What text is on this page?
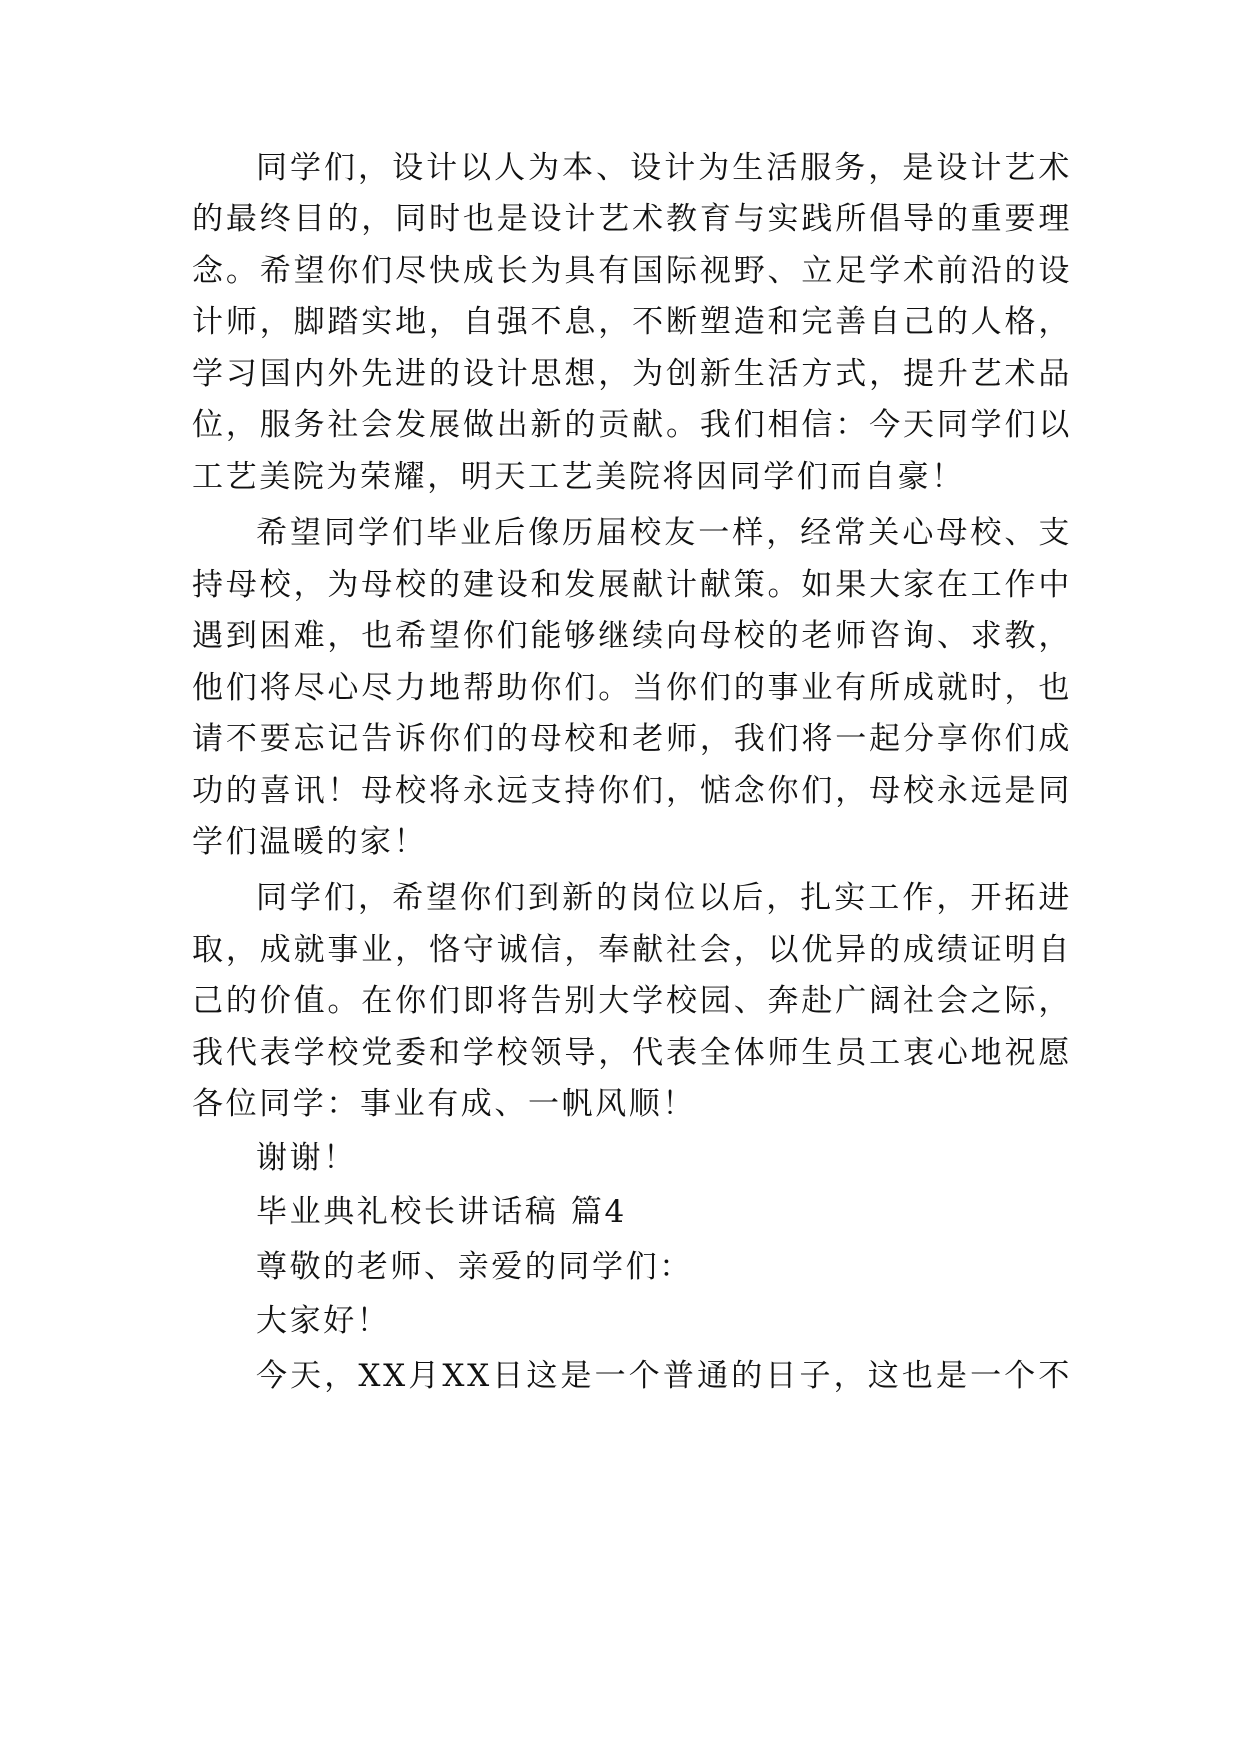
同学们，设计以人为本、设计为生活服务，是设计艺术
的最终目的，同时也是设计艺术教育与实践所倡导的重要理
念。希望你们尽快成长为具有国际视野、立足学术前沿的设
计师，脚踏实地，自强不息，不断塑造和完善自己的人格，
学习国内外先进的设计思想，为创新生活方式，提升艺术品
位，服务社会发展做出新的贡献。我们相信：今天同学们以
工艺美院为荣耀，明天工艺美院将因同学们而自豪！
希望同学们毕业后像历届校友一样，经常关心母校、支
持母校，为母校的建设和发展献计献策。如果大家在工作中
遇到困难，也希望你们能够继续向母校的老师咨询、求教，
他们将尽心尽力地帮助你们。当你们的事业有所成就时，也
请不要忘记告诉你们的母校和老师，我们将一起分享你们成
功的喜讯！母校将永远支持你们，惦念你们，母校永远是同
学们温暖的家！
同学们，希望你们到新的岗位以后，扎实工作，开拓进
取，成就事业，恪守诚信，奉献社会，以优异的成绩证明自
己的价值。在你们即将告别大学校园、奔赴广阔社会之际，
我代表学校党委和学校领导，代表全体师生员工衷心地祝愿
各位同学：事业有成、一帆风顺！
谢谢！
毕业典礼校长讲话稿 篇4
尊敬的老师、亲爱的同学们：
大家好！
今天，XX月XX日这是一个普通的日子，这也是一个不
